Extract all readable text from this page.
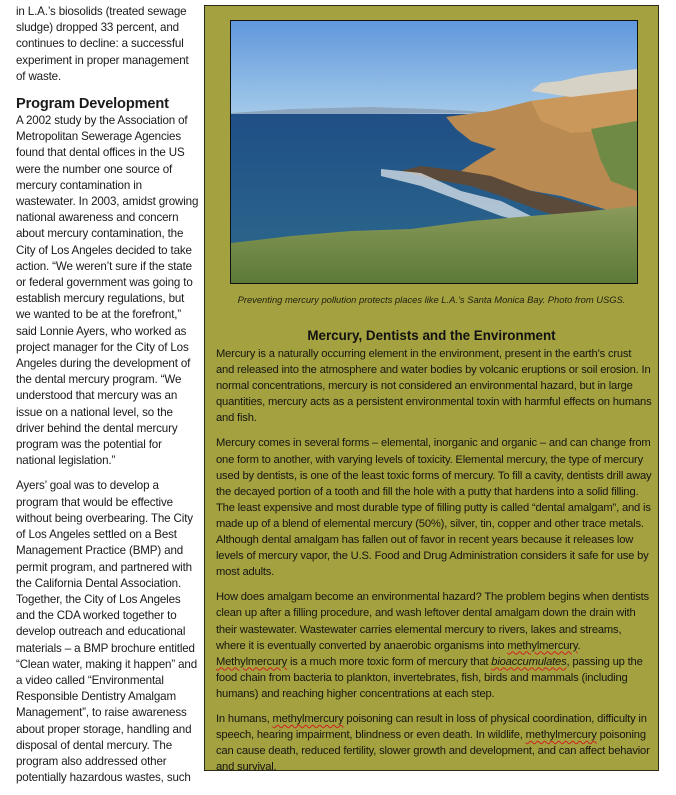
in L.A.’s biosolids (treated sewage sludge) dropped 33 percent, and continues to decline: a successful experiment in proper management of waste.

Program Development

A 2002 study by the Association of Metropolitan Sewerage Agencies found that dental offices in the US were the number one source of mercury contamination in wastewater. In 2003, amidst growing national awareness and concern about mercury contamination, the City of Los Angeles decided to take action. “We weren’t sure if the state or federal government was going to establish mercury regulations, but we wanted to be at the forefront,” said Lonnie Ayers, who worked as project manager for the City of Los Angeles during the development of the dental mercury program. “We understood that mercury was an issue on a national level, so the driver behind the dental mercury program was the potential for national legislation.”

Ayers’ goal was to develop a program that would be effective without being overbearing. The City of Los Angeles settled on a Best Management Practice (BMP) and permit program, and partnered with the California Dental Association. Together, the City of Los Angeles and the CDA worked together to develop outreach and educational materials – a BMP brochure entitled “Clean water, making it happen” and a video called “Environmental Responsible Dentistry Amalgam Management”, to raise awareness about proper storage, handling and disposal of dental mercury. The program also addressed other potentially hazardous wastes, such

Preventing mercury pollution protects places like L.A.’s Santa Monica Bay. Photo from USGS.
Mercury, Dentists and the Environment

Mercury is a naturally occurring element in the environment, present in the earth’s crust and released into the atmosphere and water bodies by volcanic eruptions or soil erosion. In normal concentrations, mercury is not considered an environmental hazard, but in large quantities, mercury acts as a persistent environmental toxin with harmful effects on humans and fish.

Mercury comes in several forms – elemental, inorganic and organic – and can change from one form to another, with varying levels of toxicity. Elemental mercury, the type of mercury used by dentists, is one of the least toxic forms of mercury. To fill a cavity, dentists drill away the decayed portion of a tooth and fill the hole with a putty that hardens into a solid filling. The least expensive and most durable type of filling putty is called “dental amalgam”, and is made up of a blend of elemental mercury (50%), silver, tin, copper and other trace metals. Although dental amalgam has fallen out of favor in recent years because it releases low levels of mercury vapor, the U.S. Food and Drug Administration considers it safe for use by most adults.

How does amalgam become an environmental hazard? The problem begins when dentists clean up after a filling procedure, and wash leftover dental amalgam down the drain with their wastewater. Wastewater carries elemental mercury to rivers, lakes and streams, where it is eventually converted by anaerobic organisms into methylmercury. Methylmercury is a much more toxic form of mercury that bioaccumulates, passing up the food chain from bacteria to plankton, invertebrates, fish, birds and mammals (including humans) and reaching higher concentrations at each step.

In humans, methylmercury poisoning can result in loss of physical coordination, difficulty in speech, hearing impairment, blindness or even death. In wildlife, methylmercury poisoning can cause death, reduced fertility, slower growth and development, and can affect behavior and survival.
